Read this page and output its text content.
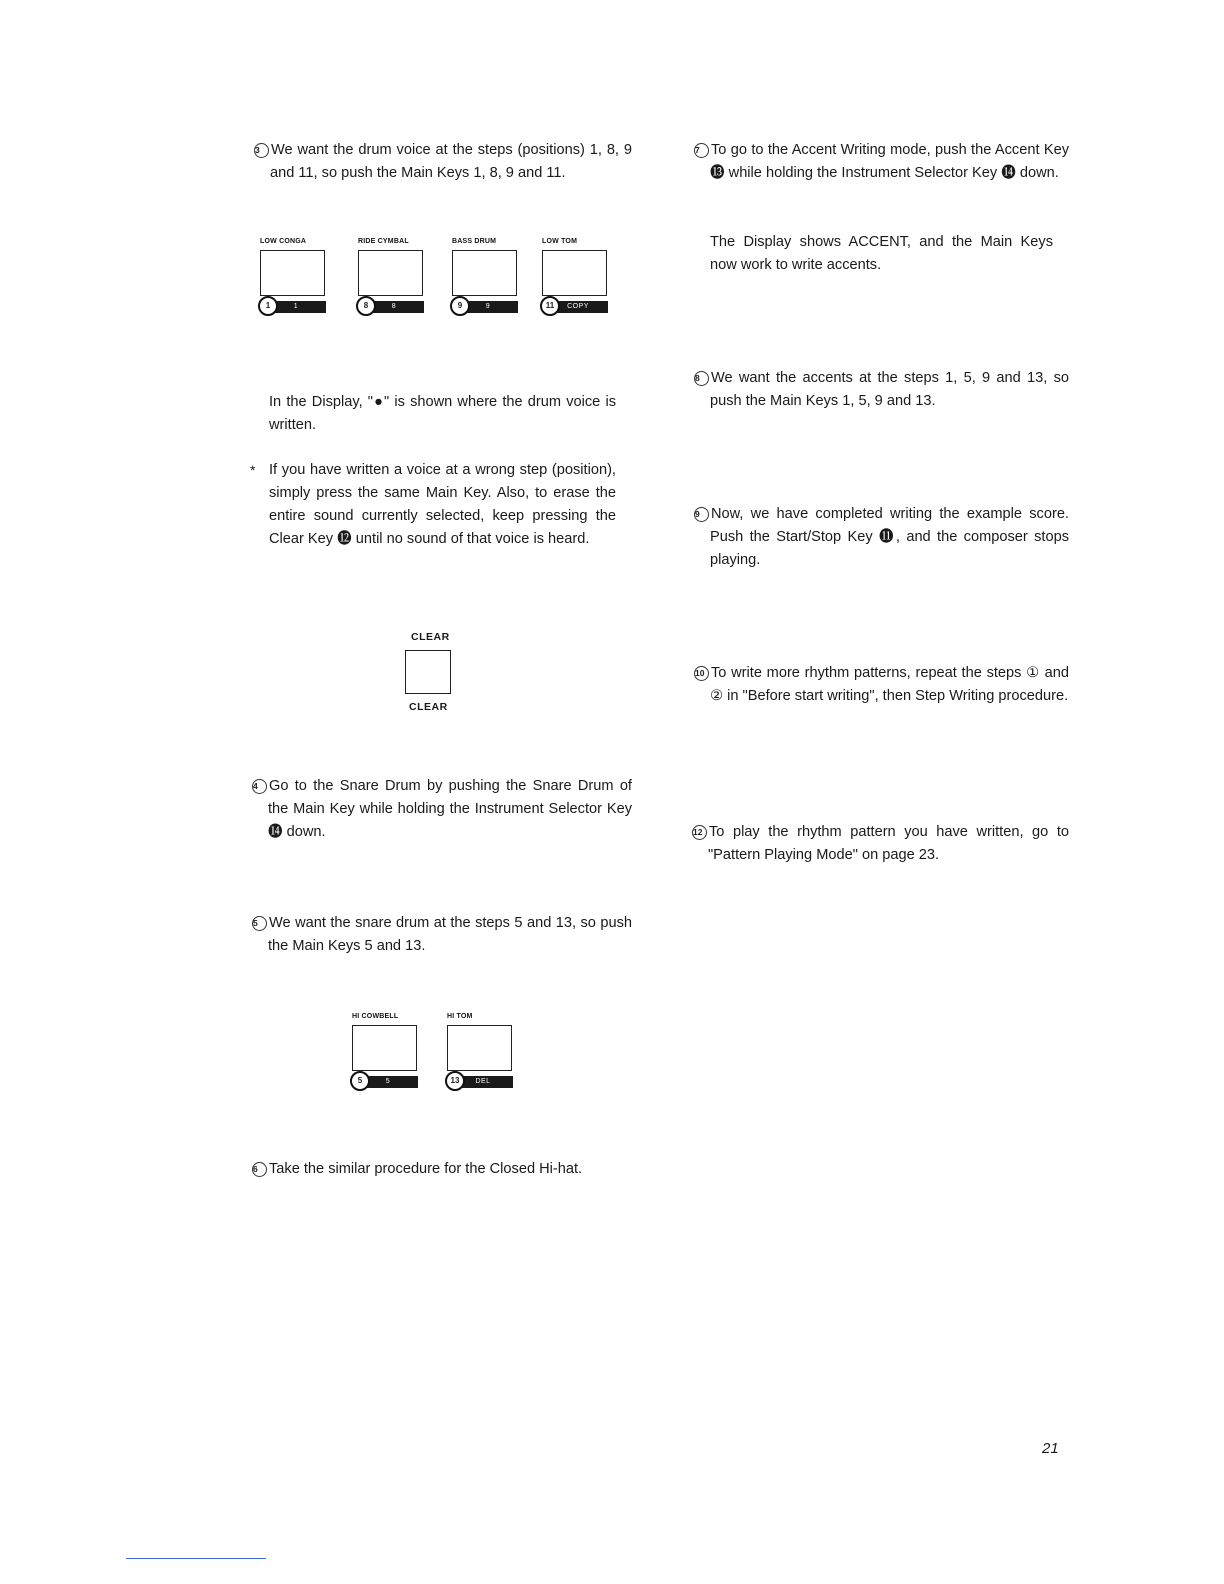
3 We want the drum voice at the steps (positions) 1, 8, 9 and 11, so push the Main Keys 1, 8, 9 and 11.

LOW CONGA
1
1
RIDE CYMBAL
8
8
BASS DRUM
9
9
LOW TOM
COPY
11

In the Display, "●" is shown where the drum voice is written.

* If you have written a voice at a wrong step (position), simply press the same Main Key. Also, to erase the entire sound currently selected, keep pressing the Clear Key ⓬ until no sound of that voice is heard.

CLEAR
CLEAR

4 Go to the Snare Drum by pushing the Snare Drum of the Main Key while holding the Instrument Selector Key ⓮ down.

5 We want the snare drum at the steps 5 and 13, so push the Main Keys 5 and 13.

HI COWBELL
5
5
HI TOM
DEL
13

6 Take the similar procedure for the Closed Hi-hat.

7 To go to the Accent Writing mode, push the Accent Key ⓭ while holding the Instrument Selector Key ⓮ down.

The Display shows ACCENT, and the Main Keys now work to write accents.

8 We want the accents at the steps 1, 5, 9 and 13, so push the Main Keys 1, 5, 9 and 13.

9 Now, we have completed writing the example score. Push the Start/Stop Key ⓫, and the composer stops playing.

10 To write more rhythm patterns, repeat the steps ① and ② in "Before start writing", then Step Writing procedure.

12 To play the rhythm pattern you have written, go to "Pattern Playing Mode" on page 23.

21
